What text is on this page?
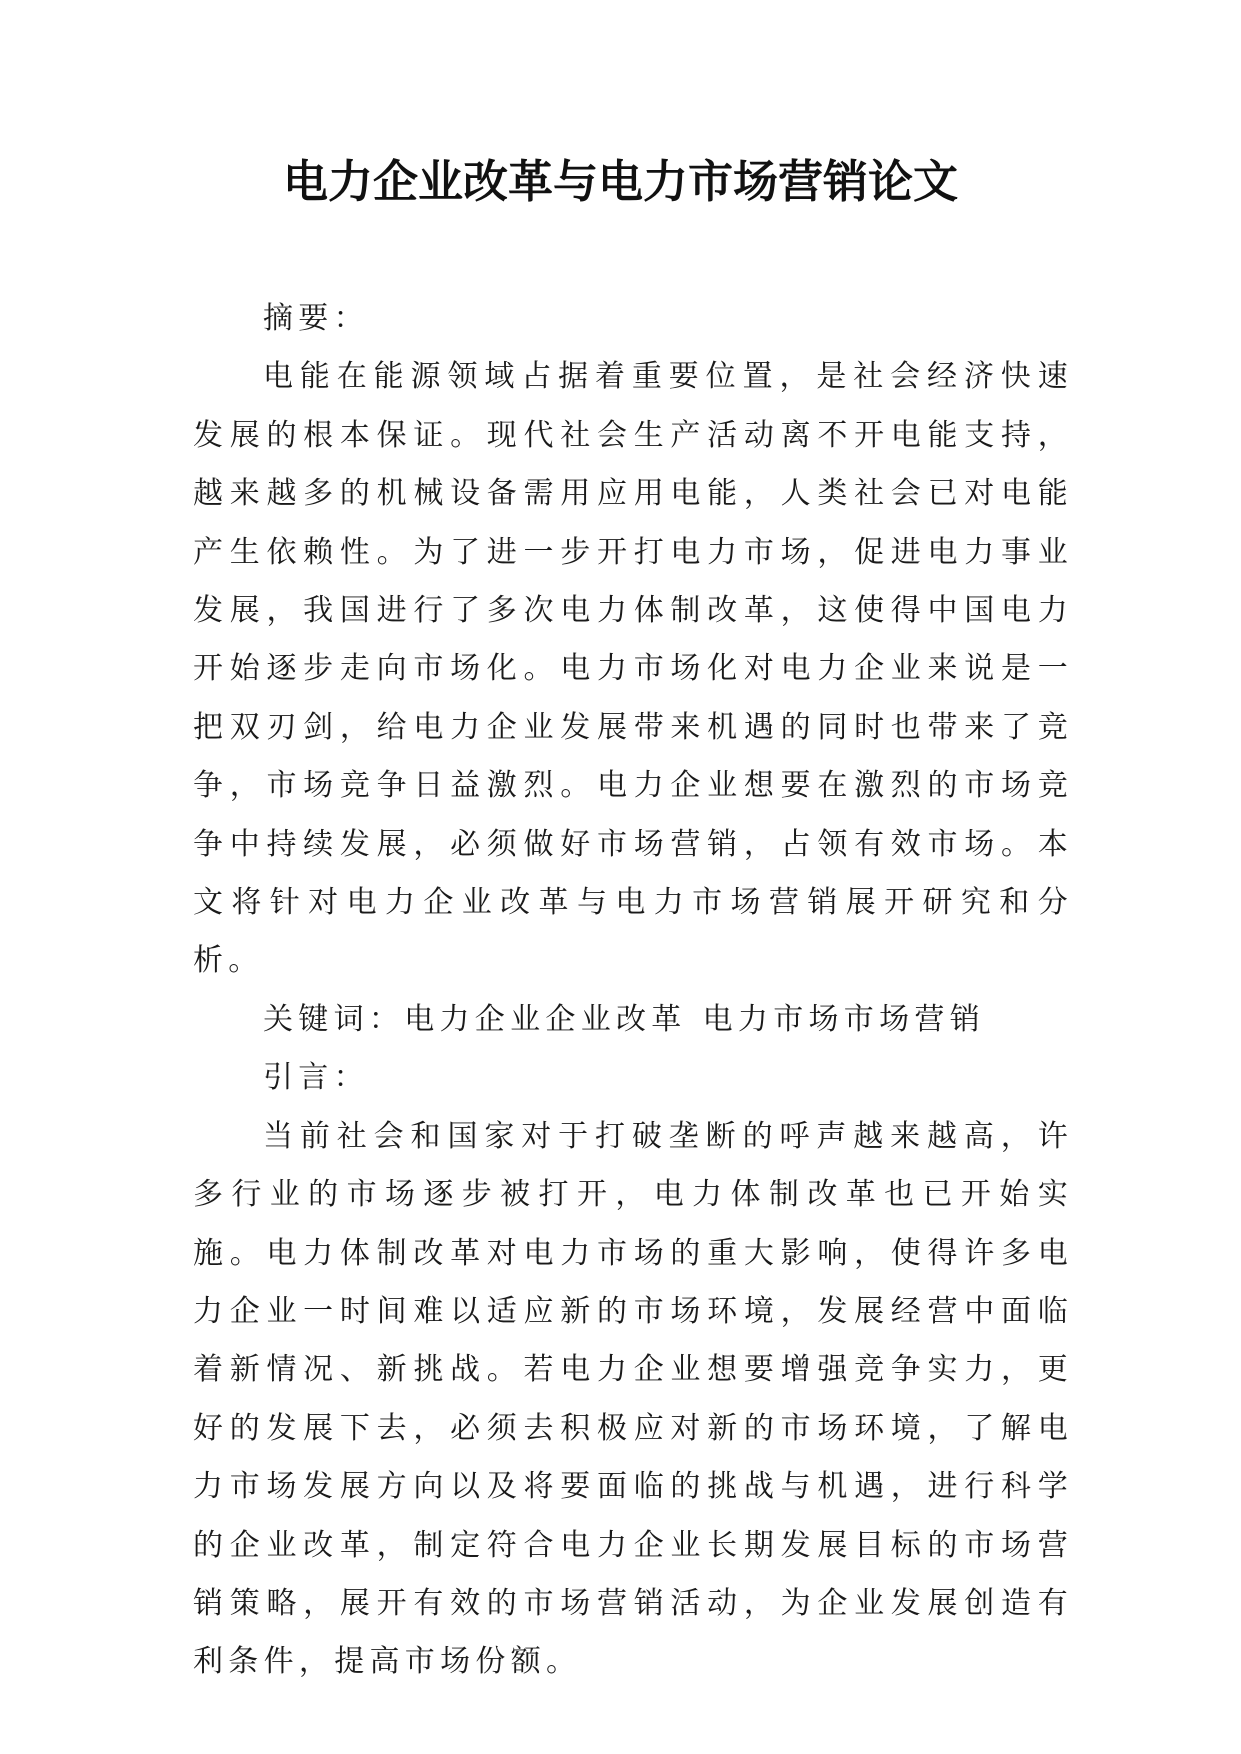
电力企业改革与电力市场营销论文

摘要：

电能在能源领域占据着重要位置，是社会经济快速发展的根本保证。现代社会生产活动离不开电能支持，越来越多的机械设备需用应用电能，人类社会已对电能产生依赖性。为了进一步开打电力市场，促进电力事业发展，我国进行了多次电力体制改革，这使得中国电力开始逐步走向市场化。电力市场化对电力企业来说是一把双刃剑，给电力企业发展带来机遇的同时也带来了竞争，市场竞争日益激烈。电力企业想要在激烈的市场竞争中持续发展，必须做好市场营销，占领有效市场。本文将针对电力企业改革与电力市场营销展开研究和分析。

关键词：电力企业企业改革 电力市场市场营销

引言：

当前社会和国家对于打破垄断的呼声越来越高，许多行业的市场逐步被打开，电力体制改革也已开始实施。电力体制改革对电力市场的重大影响，使得许多电力企业一时间难以适应新的市场环境，发展经营中面临着新情况、新挑战。若电力企业想要增强竞争实力，更好的发展下去，必须去积极应对新的市场环境，了解电力市场发展方向以及将要面临的挑战与机遇，进行科学的企业改革，制定符合电力企业长期发展目标的市场营销策略，展开有效的市场营销活动，为企业发展创造有利条件，提高市场份额。
